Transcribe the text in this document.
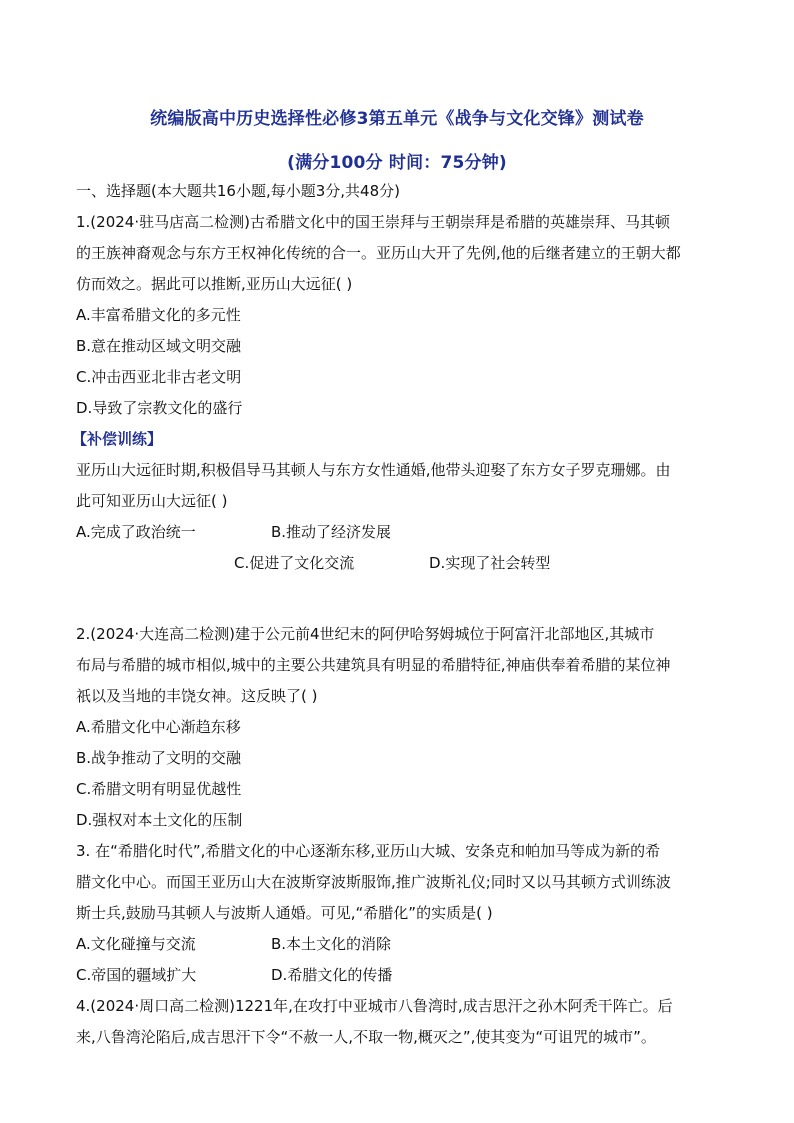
统编版高中历史选择性必修3第五单元《战争与文化交锋》测试卷
(满分100分 时间：75分钟)
一、选择题(本大题共16小题,每小题3分,共48分)
1.(2024·驻马店高二检测)古希腊文化中的国王崇拜与王朝崇拜是希腊的英雄崇拜、马其顿
的王族神裔观念与东方王权神化传统的合一。亚历山大开了先例,他的后继者建立的王朝大都
仿而效之。据此可以推断,亚历山大远征( )
A.丰富希腊文化的多元性
B.意在推动区域文明交融
C.冲击西亚北非古老文明
D.导致了宗教文化的盛行
【补偿训练】
亚历山大远征时期,积极倡导马其顿人与东方女性通婚,他带头迎娶了东方女子罗克珊娜。由
此可知亚历山大远征( )
A.完成了政治统一	B.推动了经济发展
C.促进了文化交流	D.实现了社会转型
2.(2024·大连高二检测)建于公元前4世纪末的阿伊哈努姆城位于阿富汗北部地区,其城市
布局与希腊的城市相似,城中的主要公共建筑具有明显的希腊特征,神庙供奉着希腊的某位神
祇以及当地的丰饶女神。这反映了( )
A.希腊文化中心渐趋东移
B.战争推动了文明的交融
C.希腊文明有明显优越性
D.强权对本土文化的压制
3. 在“希腊化时代”,希腊文化的中心逐渐东移,亚历山大城、安条克和帕加马等成为新的希
腊文化中心。而国王亚历山大在波斯穿波斯服饰,推广波斯礼仪;同时又以马其顿方式训练波
斯士兵,鼓励马其顿人与波斯人通婚。可见,“希腊化”的实质是( )
A.文化碰撞与交流	B.本土文化的消除
C.帝国的疆域扩大	D.希腊文化的传播
4.(2024·周口高二检测)1221年,在攻打中亚城市八鲁湾时,成吉思汗之孙木阿秃干阵亡。后
来,八鲁湾沦陷后,成吉思汗下令“不赦一人,不取一物,概灭之”,使其变为“可诅咒的城市”。
